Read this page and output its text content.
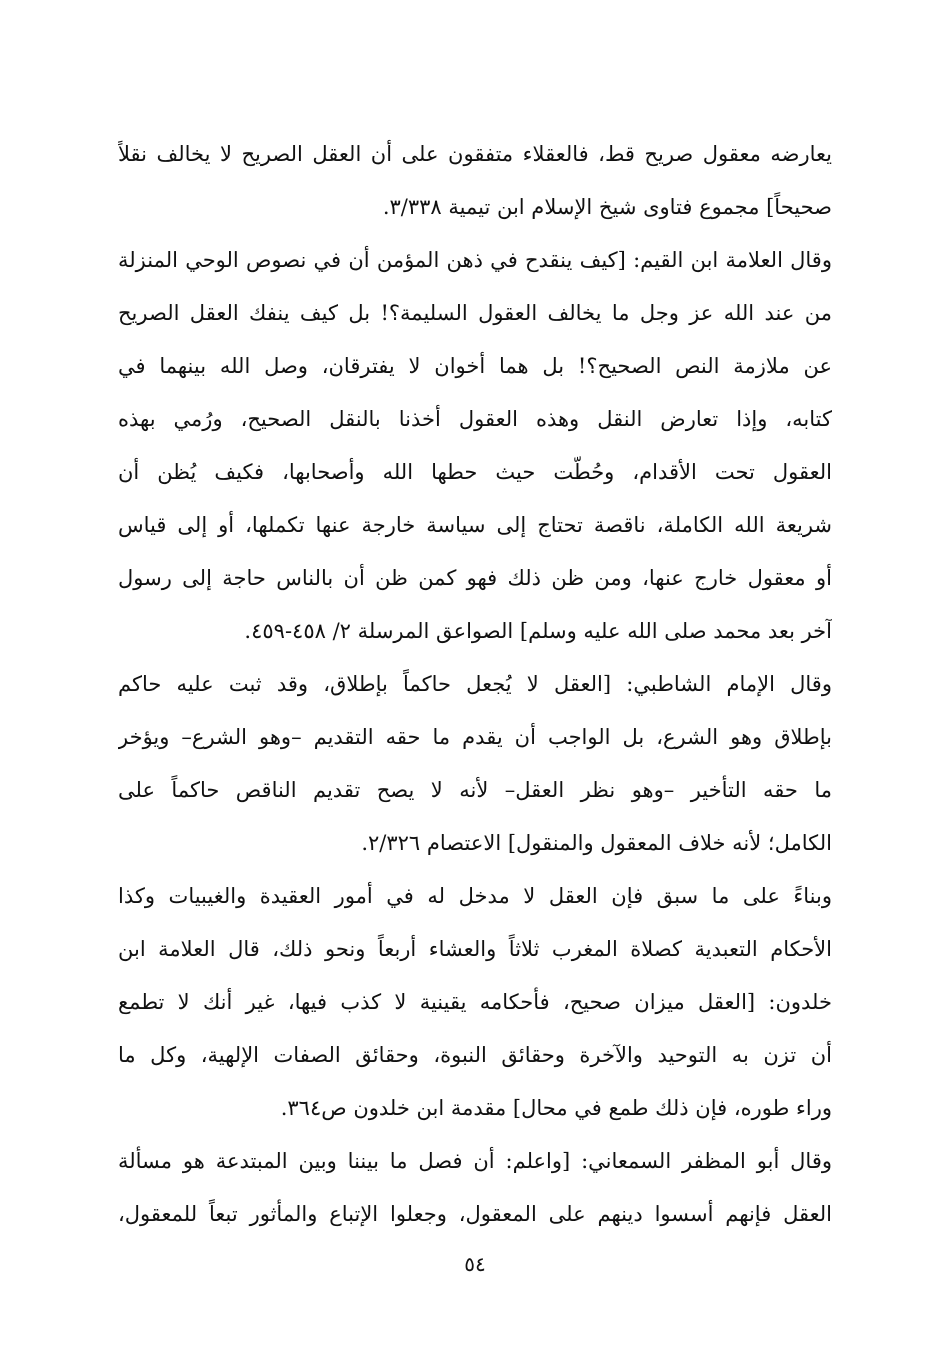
يعارضه معقول صريح قط، فالعقلاء متفقون على أن العقل الصريح لا يخالف نقلاً
صحيحاً] مجموع فتاوى شيخ الإسلام ابن تيمية ٣/٣٣٨.
وقال العلامة ابن القيم: [كيف ينقدح في ذهن المؤمن أن في نصوص الوحي المنزلة
من عند الله عز وجل ما يخالف العقول السليمة؟! بل كيف ينفك العقل الصريح
عن ملازمة النص الصحيح؟! بل هما أخوان لا يفترقان، وصل الله بينهما في
كتابه، وإذا تعارض النقل وهذه العقول أخذنا بالنقل الصحيح، ورُمي بهذه
العقول تحت الأقدام، وحُطّت حيث حطها الله وأصحابها، فكيف يُظن أن
شريعة الله الكاملة، ناقصة تحتاج إلى سياسة خارجة عنها تكملها، أو إلى قياس
أو معقول خارج عنها، ومن ظن ذلك فهو كمن ظن أن بالناس حاجة إلى رسول
آخر بعد محمد صلى الله عليه وسلم] الصواعق المرسلة ٢/ ٤٥٨-٤٥٩.
وقال الإمام الشاطبي: [العقل لا يُجعل حاكماً بإطلاق، وقد ثبت عليه حاكم
بإطلاق وهو الشرع، بل الواجب أن يقدم ما حقه التقديم –وهو الشرع– ويؤخر
ما حقه التأخير –وهو نظر العقل– لأنه لا يصح تقديم الناقص حاكماً على
الكامل؛ لأنه خلاف المعقول والمنقول] الاعتصام ٢/٣٢٦.
وبناءً على ما سبق فإن العقل لا مدخل له في أمور العقيدة والغيبيات وكذا
الأحكام التعبدية كصلاة المغرب ثلاثاً والعشاء أربعاً ونحو ذلك، قال العلامة ابن
خلدون: [العقل ميزان صحيح، فأحكامه يقينية لا كذب فيها، غير أنك لا تطمع
أن تزن به التوحيد والآخرة وحقائق النبوة، وحقائق الصفات الإلهية، وكل ما
وراء طوره، فإن ذلك طمع في محال] مقدمة ابن خلدون ص٣٦٤.
وقال أبو المظفر السمعاني: [واعلم: أن فصل ما بيننا وبين المبتدعة هو مسألة
العقل فإنهم أسسوا دينهم على المعقول، وجعلوا الإتباع والمأثور تبعاً للمعقول،
٥٤
